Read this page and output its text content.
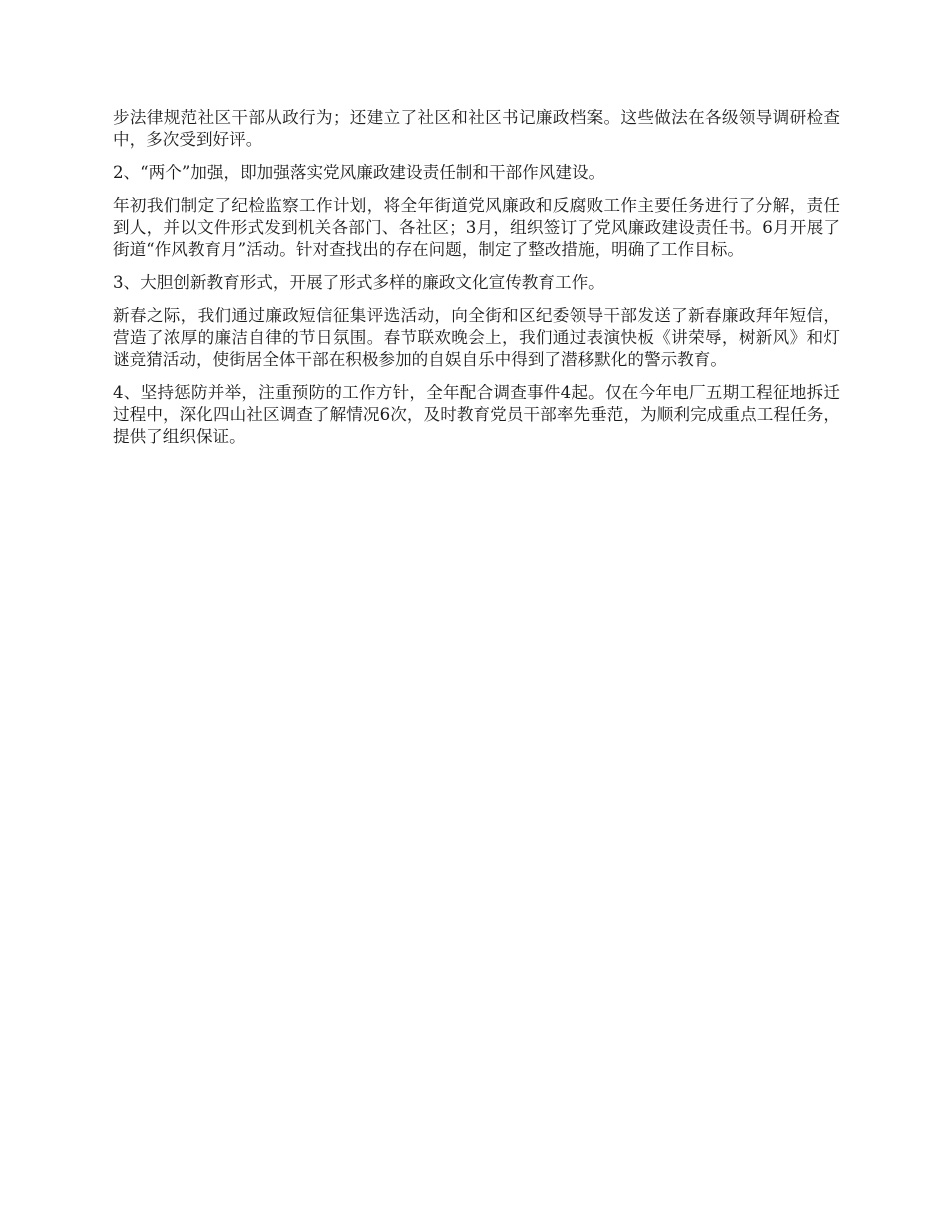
步法律规范社区干部从政行为；还建立了社区和社区书记廉政档案。这些做法在各级领导调研检查中，多次受到好评。

2、“两个”加强，即加强落实党风廉政建设责任制和干部作风建设。

年初我们制定了纪检监察工作计划，将全年街道党风廉政和反腐败工作主要任务进行了分解，责任到人，并以文件形式发到机关各部门、各社区；3月，组织签订了党风廉政建设责任书。6月开展了街道“作风教育月”活动。针对查找出的存在问题，制定了整改措施，明确了工作目标。

3、大胆创新教育形式，开展了形式多样的廉政文化宣传教育工作。

新春之际，我们通过廉政短信征集评选活动，向全街和区纪委领导干部发送了新春廉政拜年短信，营造了浓厚的廉洁自律的节日氛围。春节联欢晚会上，我们通过表演快板《讲荣辱，树新风》和灯谜竞猜活动，使街居全体干部在积极参加的自娱自乐中得到了潜移默化的警示教育。

4、坚持惩防并举，注重预防的工作方针，全年配合调查事件4起。仅在今年电厂五期工程征地拆迁过程中，深化四山社区调查了解情况6次，及时教育党员干部率先垂范，为顺利完成重点工程任务，提供了组织保证。
